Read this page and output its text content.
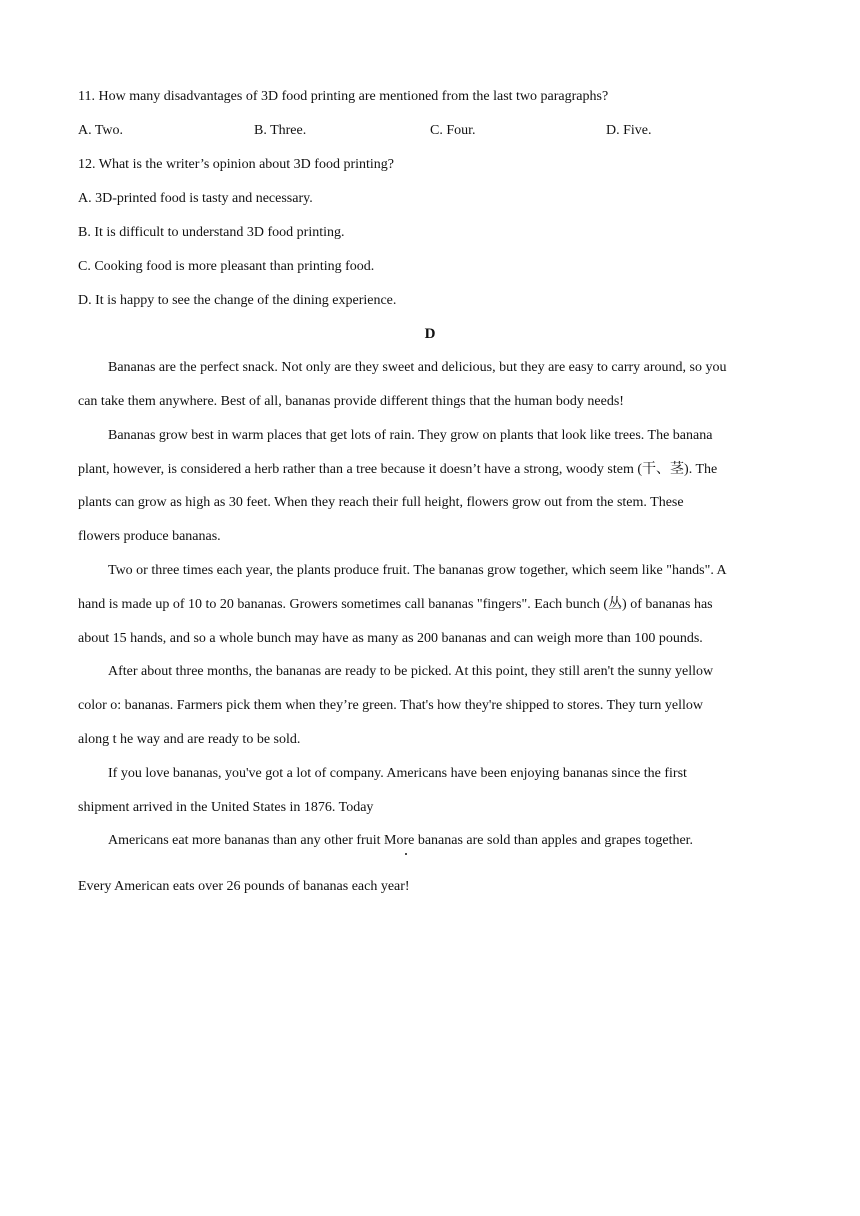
11. How many disadvantages of 3D food printing are mentioned from the last two paragraphs?
A. Two.	B. Three.	C. Four.	D. Five.
12. What is the writer’s opinion about 3D food printing?
A. 3D-printed food is tasty and necessary.
B. It is difficult to understand 3D food printing.
C. Cooking food is more pleasant than printing food.
D. It is happy to see the change of the dining experience.
D
Bananas are the perfect snack. Not only are they sweet and delicious, but they are easy to carry around, so you
can take them anywhere. Best of all, bananas provide different things that the human body needs!
Bananas grow best in warm places that get lots of rain. They grow on plants that look like trees. The banana
plant, however, is considered a herb rather than a tree because it doesn’t have a strong, woody stem (干、茎). The
plants can grow as high as 30 feet. When they reach their full height, flowers grow out from the stem. These
flowers produce bananas.
Two or three times each year, the plants produce fruit. The bananas grow together, which seem like "hands". A
hand is made up of 10 to 20 bananas. Growers sometimes call bananas "fingers". Each bunch (丛) of bananas has
about 15 hands, and so a whole bunch may have as many as 200 bananas and can weigh more than 100 pounds.
After about three months, the bananas are ready to be picked. At this point, they still aren't the sunny yellow
color o: bananas. Farmers pick them when they’re green. That's how they're shipped to stores. They turn yellow
along t he way and are ready to be sold.
If you love bananas, you've got a lot of company. Americans have been enjoying bananas since the first
shipment arrived in the United States in 1876. Today
Americans eat more bananas than any other fruit More bananas are sold than apples and grapes together.
Every American eats over 26 pounds of bananas each year!
